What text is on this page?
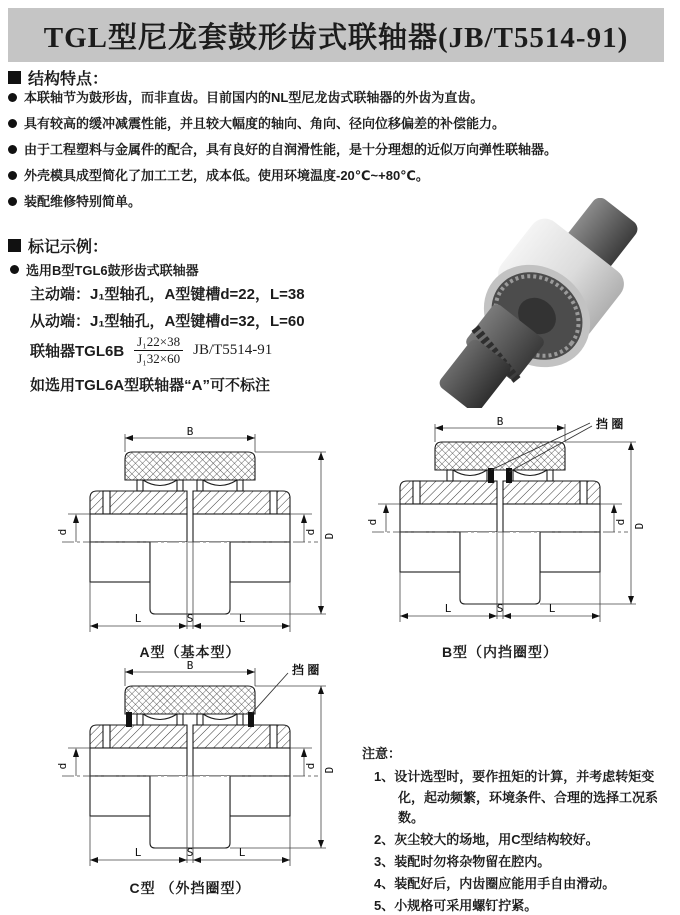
TGL型尼龙套鼓形齿式联轴器(JB/T5514-91)
结构特点：
本联轴节为鼓形齿，而非直齿。目前国内的NL型尼龙齿式联轴器的外齿为直齿。
具有较高的缓冲减震性能，并且较大幅度的轴向、角向、径向位移偏差的补偿能力。
由于工程塑料与金属件的配合，具有良好的自润滑性能，是十分理想的近似万向弹性联轴器。
外壳模具成型简化了加工工艺，成本低。使用环境温度-20℃~+80℃。
装配维修特别简单。
标记示例：
选用B型TGL6鼓形齿式联轴器
主动端：J₁型轴孔，A型键槽d=22，L=38
从动端：J₁型轴孔，A型键槽d=32，L=60
联轴器$TGL6B \frac{\text{J₁22×38}}{\text{J₁32×60}} JB/T5514-91$
如选用TGL6A型联轴器“A”可不标注
B
L	S	L
d	d
D
A型（基本型）
挡 圈
B
L	S	L
d	d
D
B型（内挡圈型）
挡 圈
B
L	S	L
d	d
D
C型 （外挡圈型）
注意：
1、设计选型时，要作扭矩的计算，并考虑转矩变化，起动频繁，环境条件、合理的选择工况系数。
2、灰尘较大的场地，用C型结构较好。
3、装配时勿将杂物留在腔内。
4、装配好后，内齿圈应能用手自由滑动。
5、小规格可采用螺钉拧紧。
